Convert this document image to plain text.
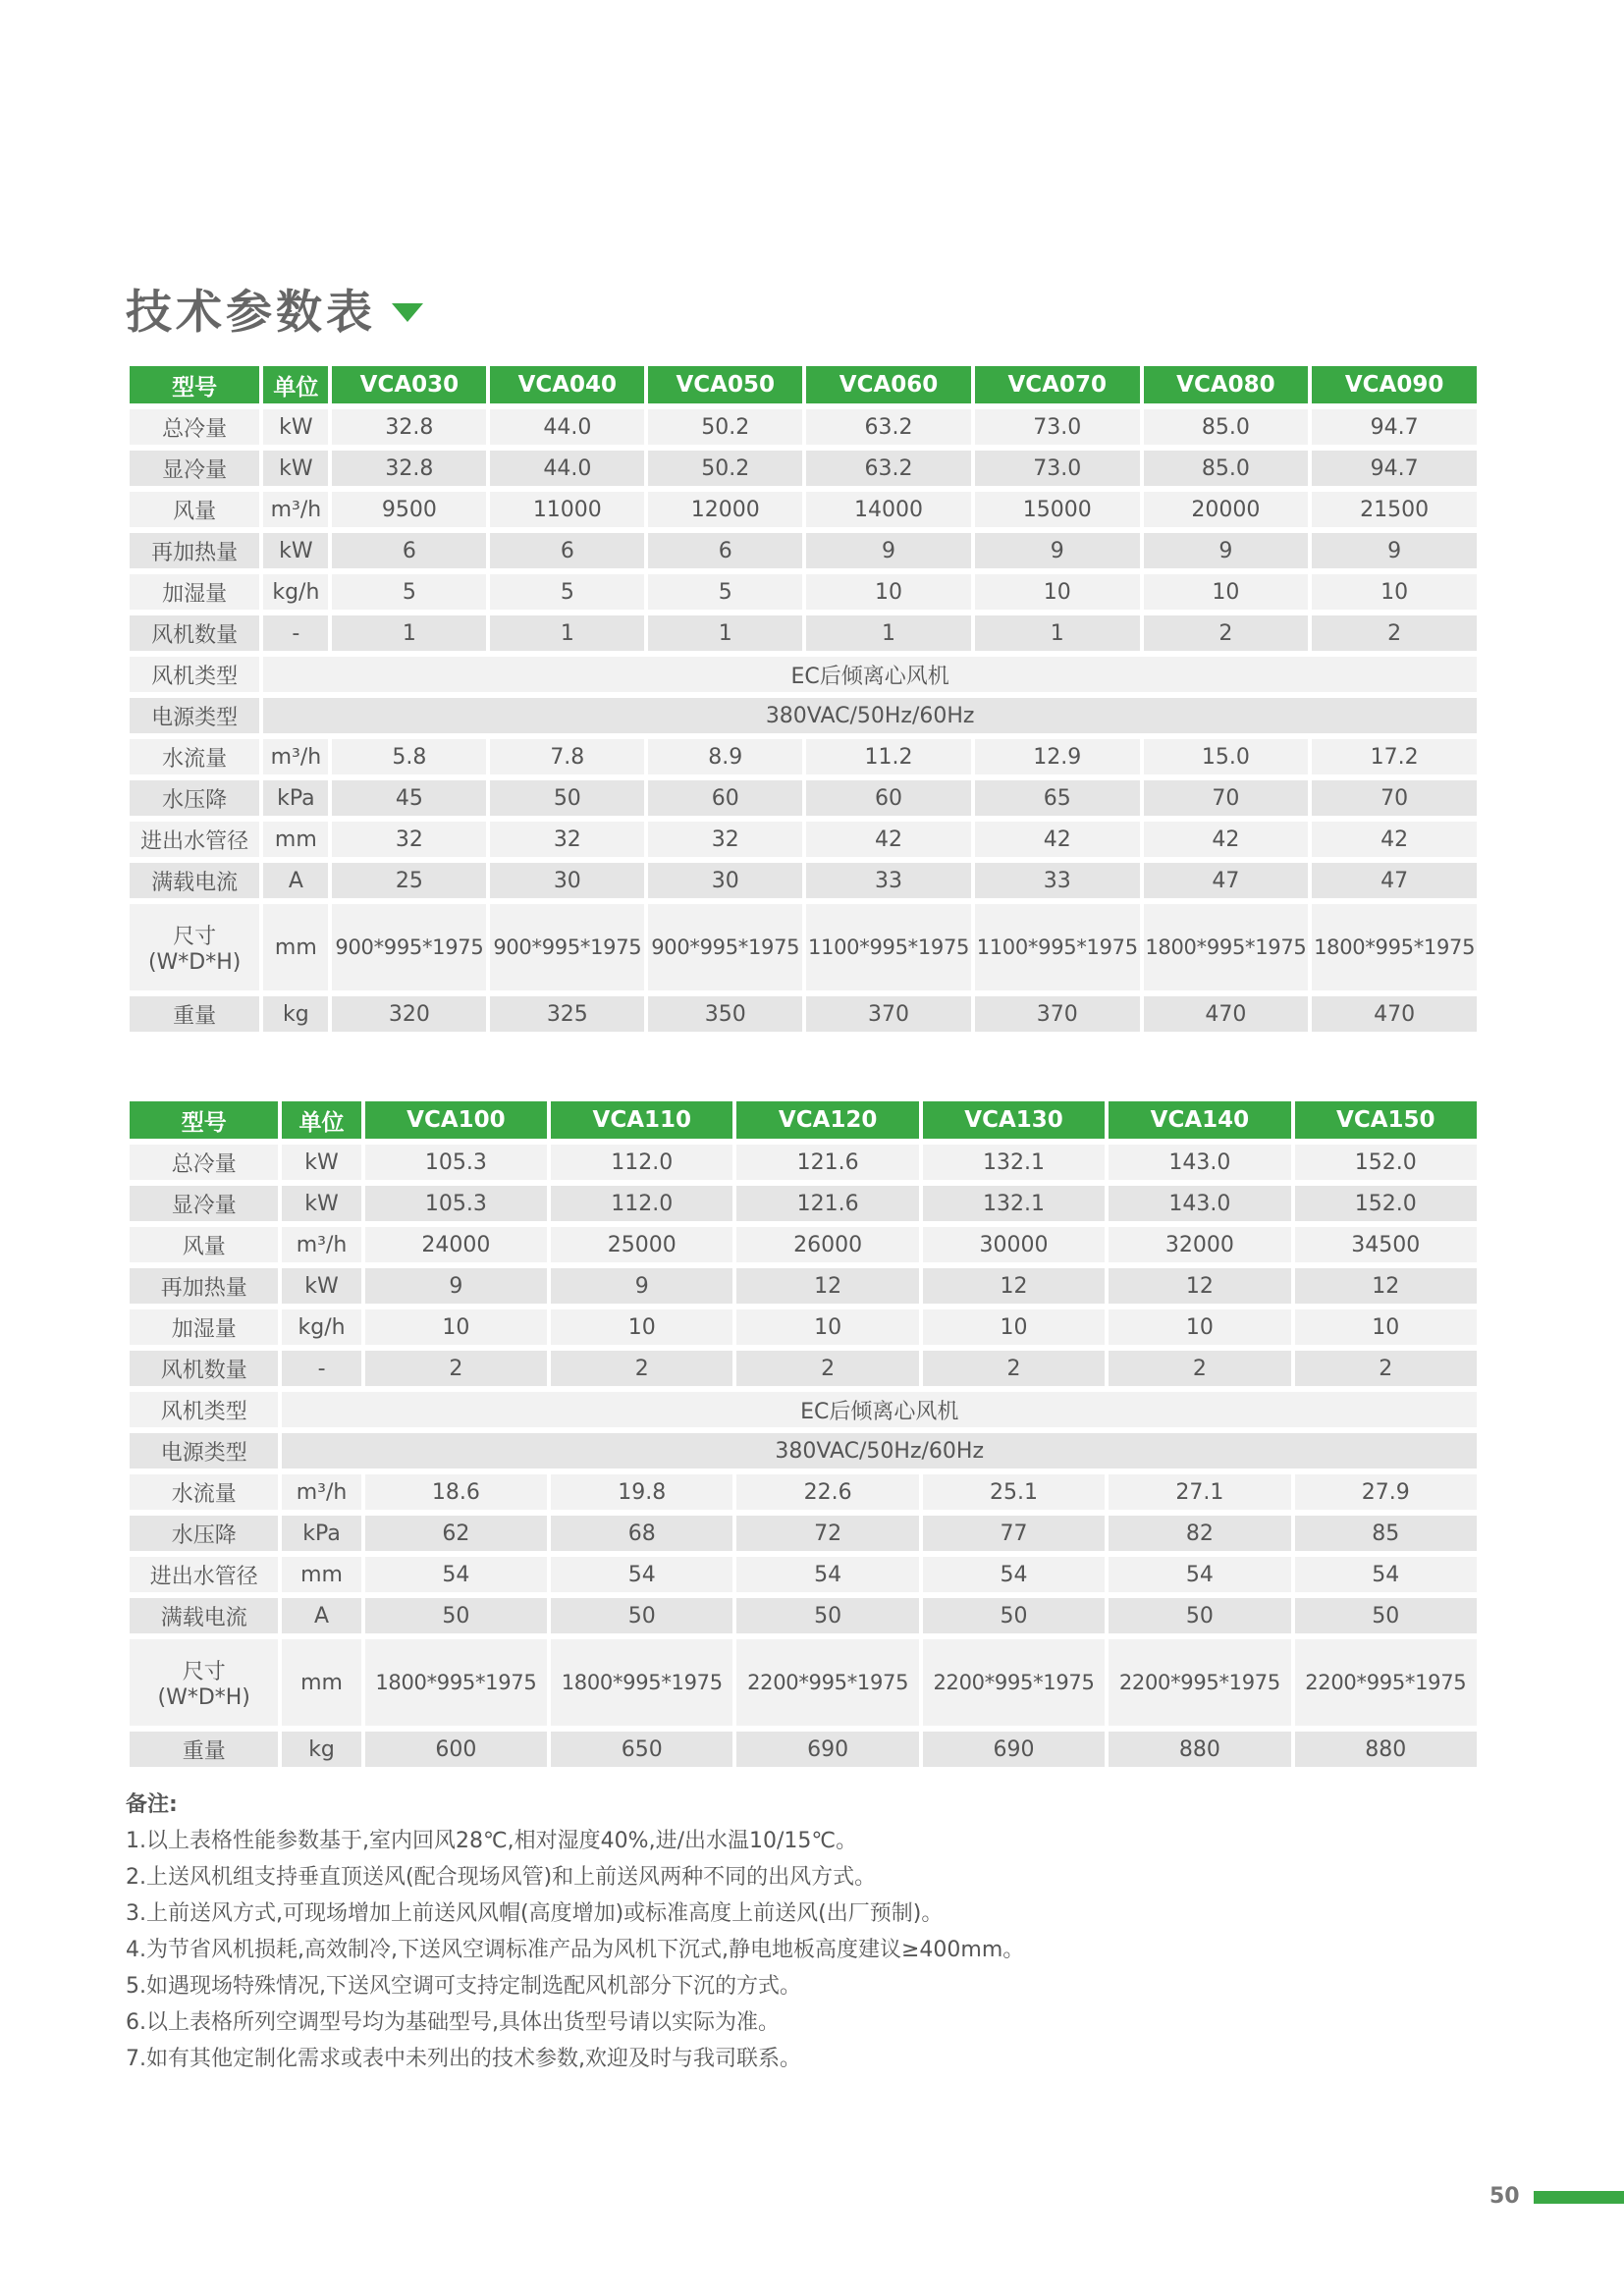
技术参数表
型号	单位	VCA030	VCA040	VCA050	VCA060	VCA070	VCA080	VCA090
总冷量	kW	32.8	44.0	50.2	63.2	73.0	85.0	94.7
显冷量	kW	32.8	44.0	50.2	63.2	73.0	85.0	94.7
风量	m³/h	9500	11000	12000	14000	15000	20000	21500
再加热量	kW	6	6	6	9	9	9	9
加湿量	kg/h	5	5	5	10	10	10	10
风机数量	-	1	1	1	1	1	2	2
风机类型	EC后倾离心风机							
电源类型	380VAC/50Hz/60Hz							
水流量	m³/h	5.8	7.8	8.9	11.2	12.9	15.0	17.2
水压降	kPa	45	50	60	60	65	70	70
进出水管径	mm	32	32	32	42	42	42	42
满载电流	A	25	30	30	33	33	47	47

尺寸
(W*D*H)	mm	900*995*1975	900*995*1975	900*995*1975	1100*995*1975	1100*995*1975	1800*995*1975	1800*995*1975
重量	kg	320	325	350	370	370	470	470
型号	单位	VCA100	VCA110	VCA120	VCA130	VCA140	VCA150
总冷量	kW	105.3	112.0	121.6	132.1	143.0	152.0
显冷量	kW	105.3	112.0	121.6	132.1	143.0	152.0
风量	m³/h	24000	25000	26000	30000	32000	34500
再加热量	kW	9	9	12	12	12	12
加湿量	kg/h	10	10	10	10	10	10
风机数量	-	2	2	2	2	2	2
风机类型	EC后倾离心风机						
电源类型	380VAC/50Hz/60Hz						
水流量	m³/h	18.6	19.8	22.6	25.1	27.1	27.9
水压降	kPa	62	68	72	77	82	85
进出水管径	mm	54	54	54	54	54	54
满载电流	A	50	50	50	50	50	50

尺寸
(W*D*H)	mm	1800*995*1975	1800*995*1975	2200*995*1975	2200*995*1975	2200*995*1975	2200*995*1975
重量	kg	600	650	690	690	880	880
备注:
1.以上表格性能参数基于,室内回风28℃,相对湿度40%,进/出水温10/15℃。
2.上送风机组支持垂直顶送风(配合现场风管)和上前送风两种不同的出风方式。
3.上前送风方式,可现场增加上前送风风帽(高度增加)或标准高度上前送风(出厂预制)。
4.为节省风机损耗,高效制冷,下送风空调标准产品为风机下沉式,静电地板高度建议≥400mm。
5.如遇现场特殊情况,下送风空调可支持定制选配风机部分下沉的方式。
6.以上表格所列空调型号均为基础型号,具体出货型号请以实际为准。
7.如有其他定制化需求或表中未列出的技术参数,欢迎及时与我司联系。
50
